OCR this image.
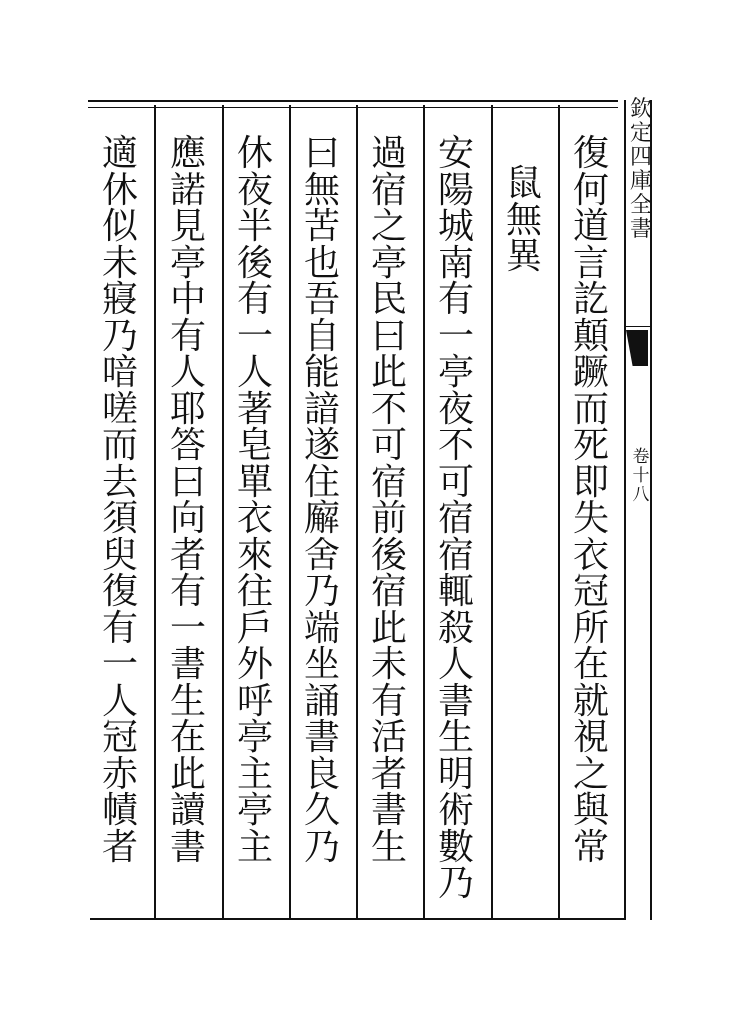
欽定四庫全書
卷十八
復何道言訖顛蹶而死即失衣冠所在就視之與常
鼠無異
安陽城南有一亭夜不可宿宿輒殺人書生明術數乃
過宿之亭民曰此不可宿前後宿此未有活者書生
曰無苦也吾自能諳遂住廨舍乃端坐誦書良久乃
休夜半後有一人著皂單衣來往戶外呼亭主亭主
應諾見亭中有人耶答曰向者有一書生在此讀書
適休似未寢乃喑嗟而去須臾復有一人冠赤幘者
